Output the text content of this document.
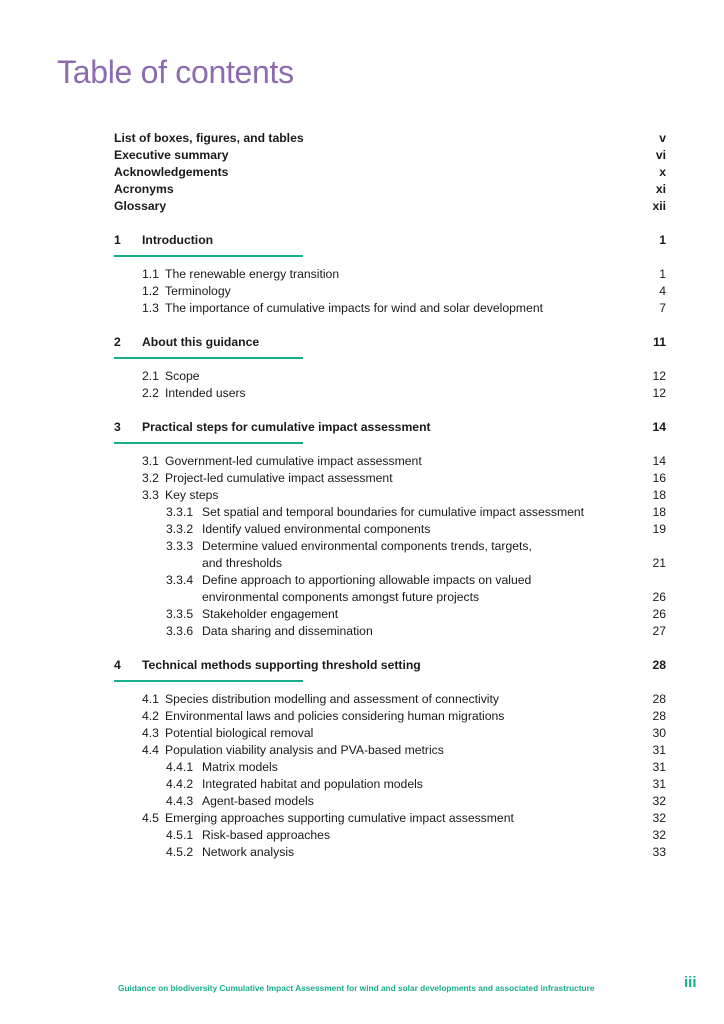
Table of contents
List of boxes, figures, and tables	v
Executive summary	vi
Acknowledgements	x
Acronyms	xi
Glossary	xii
1 Introduction	1
1.1 The renewable energy transition	1
1.2 Terminology	4
1.3 The importance of cumulative impacts for wind and solar development	7
2 About this guidance	11
2.1 Scope	12
2.2 Intended users	12
3 Practical steps for cumulative impact assessment	14
3.1 Government-led cumulative impact assessment	14
3.2 Project-led cumulative impact assessment	16
3.3 Key steps	18
3.3.1 Set spatial and temporal boundaries for cumulative impact assessment	18
3.3.2 Identify valued environmental components	19
3.3.3 Determine valued environmental components trends, targets,
and thresholds	21
3.3.4 Define approach to apportioning allowable impacts on valued
environmental components amongst future projects	26
3.3.5 Stakeholder engagement	26
3.3.6 Data sharing and dissemination	27
4 Technical methods supporting threshold setting	28
4.1 Species distribution modelling and assessment of connectivity	28
4.2 Environmental laws and policies considering human migrations	28
4.3 Potential biological removal	30
4.4 Population viability analysis and PVA-based metrics	31
4.4.1 Matrix models	31
4.4.2 Integrated habitat and population models	31
4.4.3 Agent-based models	32
4.5 Emerging approaches supporting cumulative impact assessment	32
4.5.1 Risk-based approaches	32
4.5.2 Network analysis	33
Guidance on biodiversity Cumulative Impact Assessment for wind and solar developments and associated infrastructure	iii
